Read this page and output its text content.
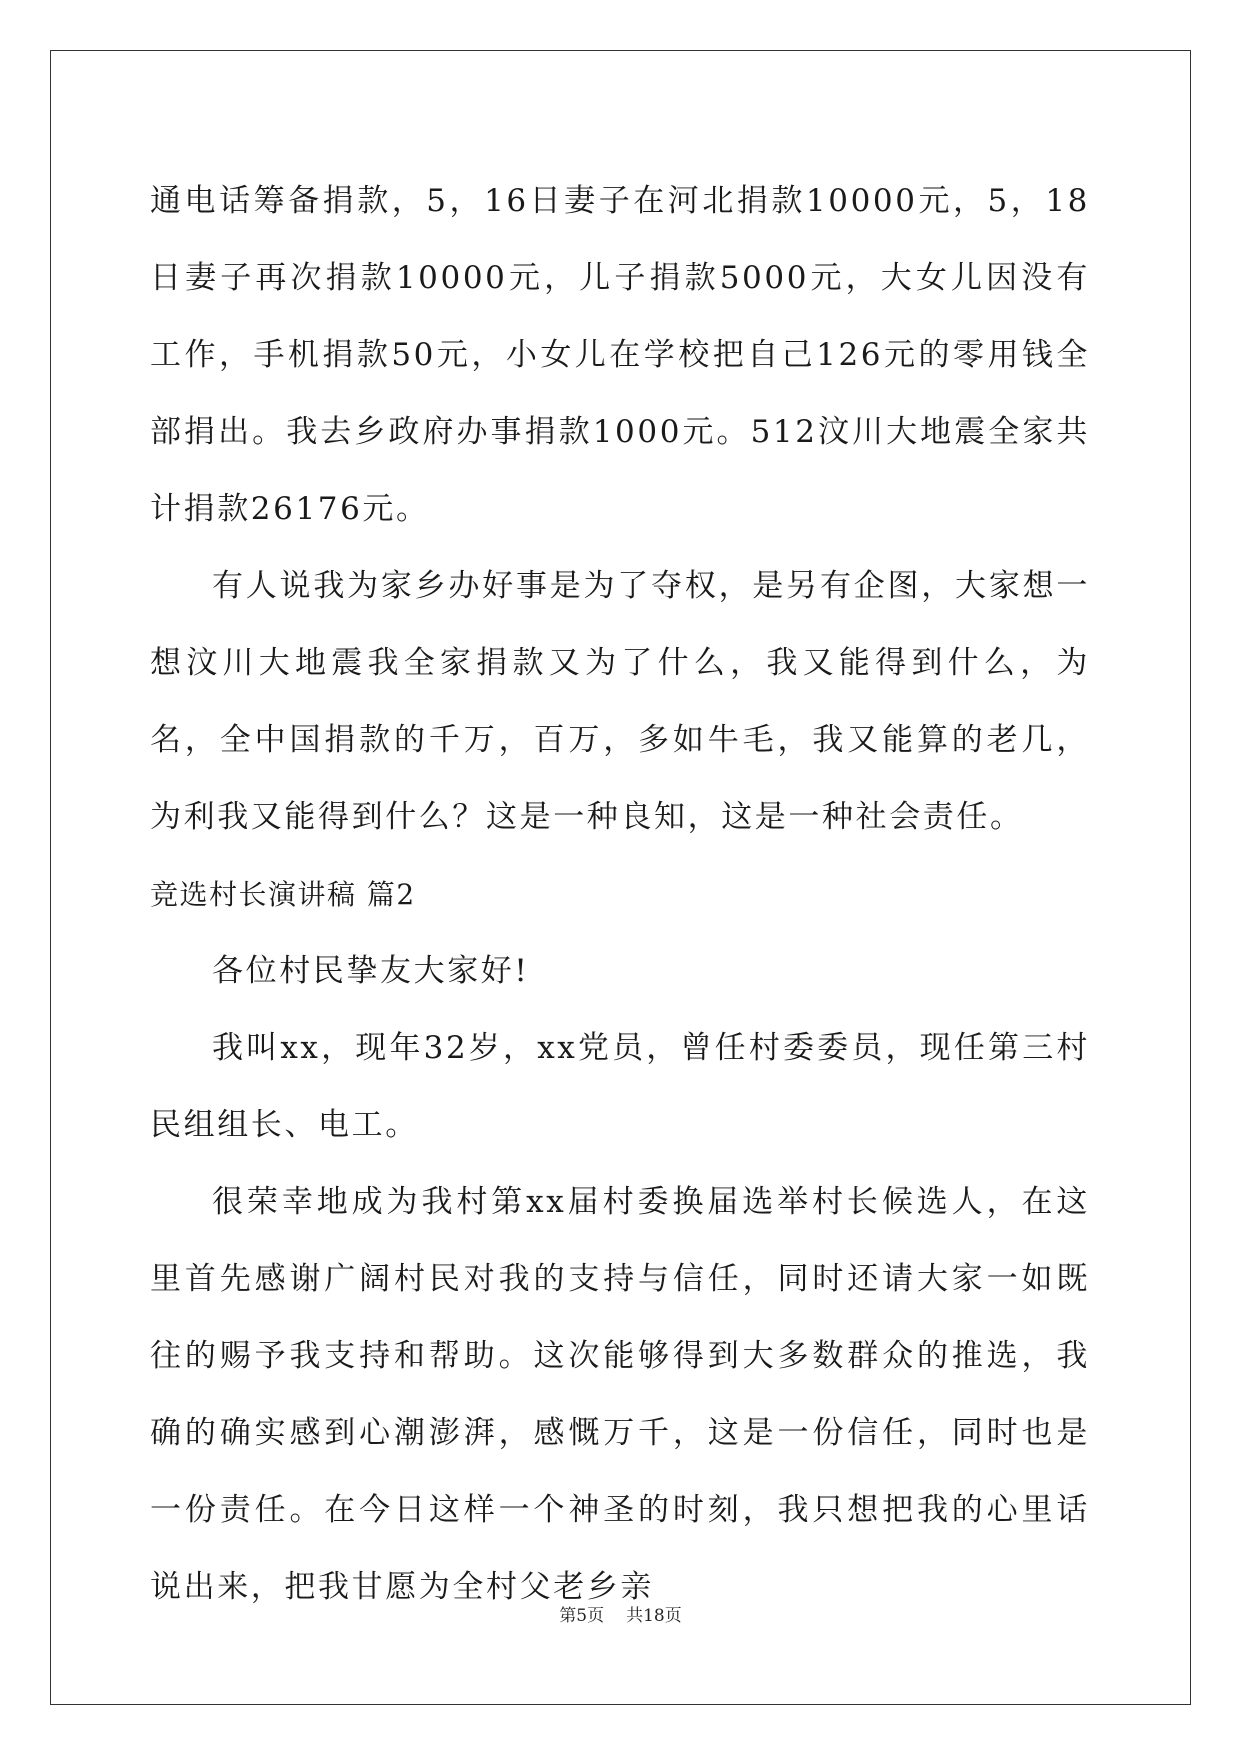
通电话筹备捐款，5，16日妻子在河北捐款10000元，5，18日妻子再次捐款10000元，儿子捐款5000元，大女儿因没有工作，手机捐款50元，小女儿在学校把自己126元的零用钱全部捐出。我去乡政府办事捐款1000元。512汶川大地震全家共计捐款26176元。

有人说我为家乡办好事是为了夺权，是另有企图，大家想一想汶川大地震我全家捐款又为了什么，我又能得到什么，为名，全中国捐款的千万，百万，多如牛毛，我又能算的老几，为利我又能得到什么？这是一种良知，这是一种社会责任。

竞选村长演讲稿 篇2

各位村民挚友大家好!

我叫xx，现年32岁，xx党员，曾任村委委员，现任第三村民组组长、电工。

很荣幸地成为我村第xx届村委换届选举村长候选人，在这里首先感谢广阔村民对我的支持与信任，同时还请大家一如既往的赐予我支持和帮助。这次能够得到大多数群众的推选，我确的确实感到心潮澎湃，感慨万千，这是一份信任，同时也是一份责任。在今日这样一个神圣的时刻，我只想把我的心里话说出来，把我甘愿为全村父老乡亲

第5页 共18页
